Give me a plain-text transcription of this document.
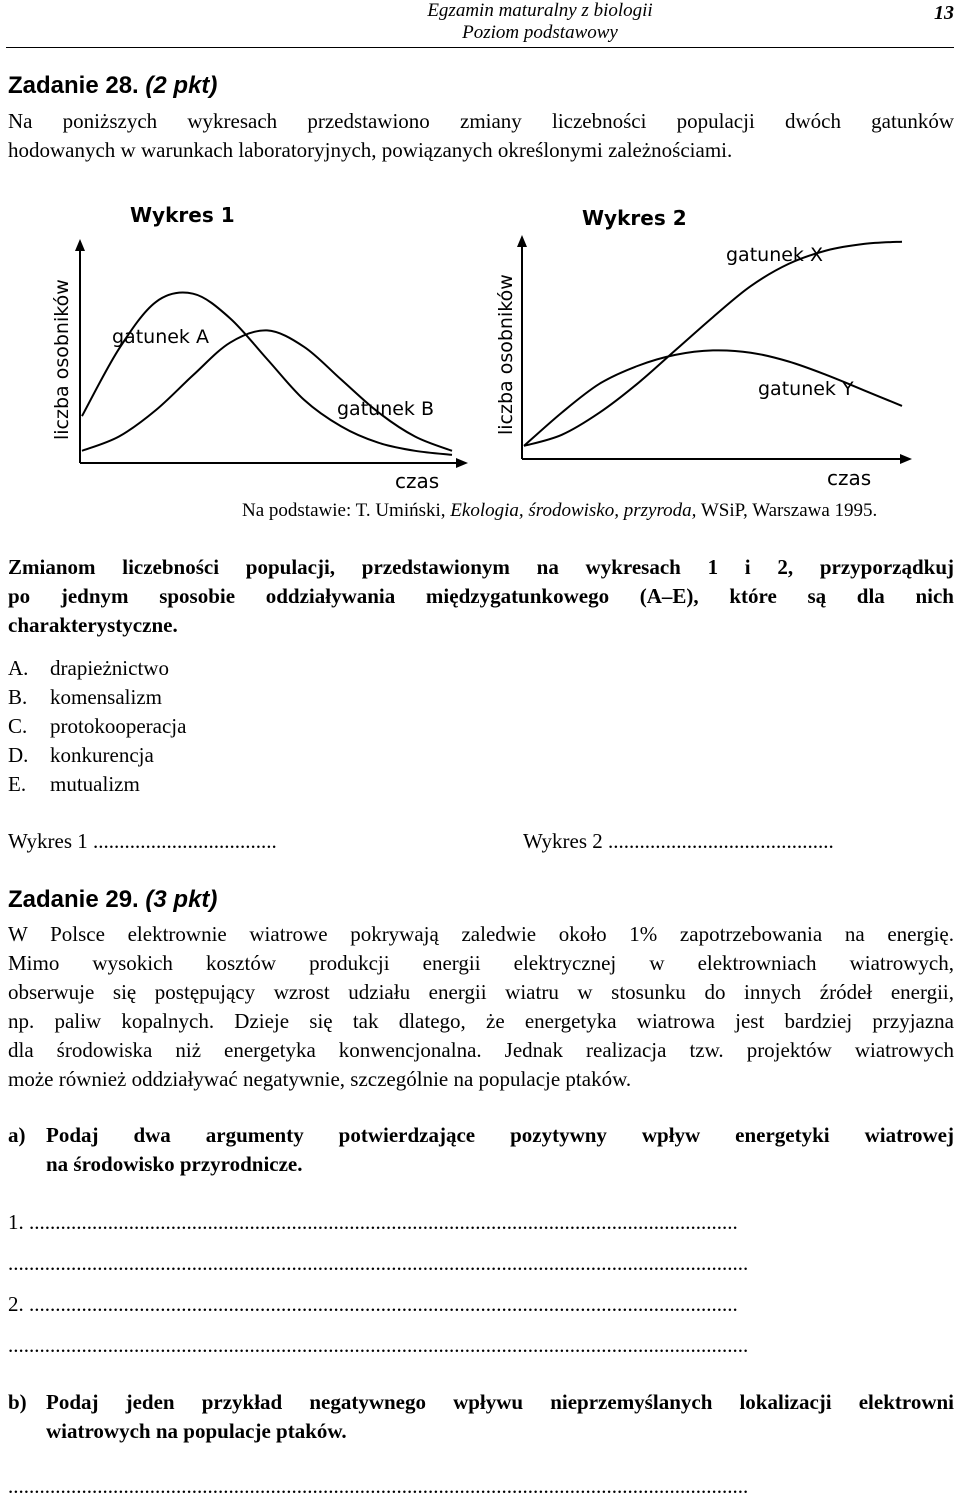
Egzamin maturalny z biologii
Poziom podstawowy
13
Zadanie 28. (2 pkt)
Na poniższych wykresach przedstawiono zmiany liczebności populacji dwóch gatunków
hodowanych w warunkach laboratoryjnych, powiązanych określonymi zależnościami.
Wykres 1
liczba osobników
czas
gatunek A
gatunek B
Wykres 2
liczba osobników
czas
gatunek X
gatunek Y
Na podstawie: T. Umiński, Ekologia, środowisko, przyroda, WSiP, Warszawa 1995.
Zmianom liczebności populacji, przedstawionym na wykresach 1 i 2, przyporządkuj
po jednym sposobie oddziaływania międzygatunkowego (A–E), które są dla nich
charakterystyczne.
A. drapieżnictwo
B. komensalizm
C. protokooperacja
D. konkurencja
E. mutualizm
Wykres 1 ...................................	Wykres 2 ...........................................
Zadanie 29. (3 pkt)
W Polsce elektrownie wiatrowe pokrywają zaledwie około 1% zapotrzebowania na energię.
Mimo wysokich kosztów produkcji energii elektrycznej w elektrowniach wiatrowych,
obserwuje się postępujący wzrost udziału energii wiatru w stosunku do innych źródeł energii,
np. paliw kopalnych. Dzieje się tak dlatego, że energetyka wiatrowa jest bardziej przyjazna
dla środowiska niż energetyka konwencjonalna. Jednak realizacja tzw. projektów wiatrowych
może również oddziaływać negatywnie, szczególnie na populacje ptaków.
a) Podaj dwa argumenty potwierdzające pozytywny wpływ energetyki wiatrowej
na środowisko przyrodnicze.
1. .......................................................................................................................................
.............................................................................................................................................
2. .......................................................................................................................................
.............................................................................................................................................
b) Podaj jeden przykład negatywnego wpływu nieprzemyślanych lokalizacji elektrowni
wiatrowych na populacje ptaków.
.............................................................................................................................................
